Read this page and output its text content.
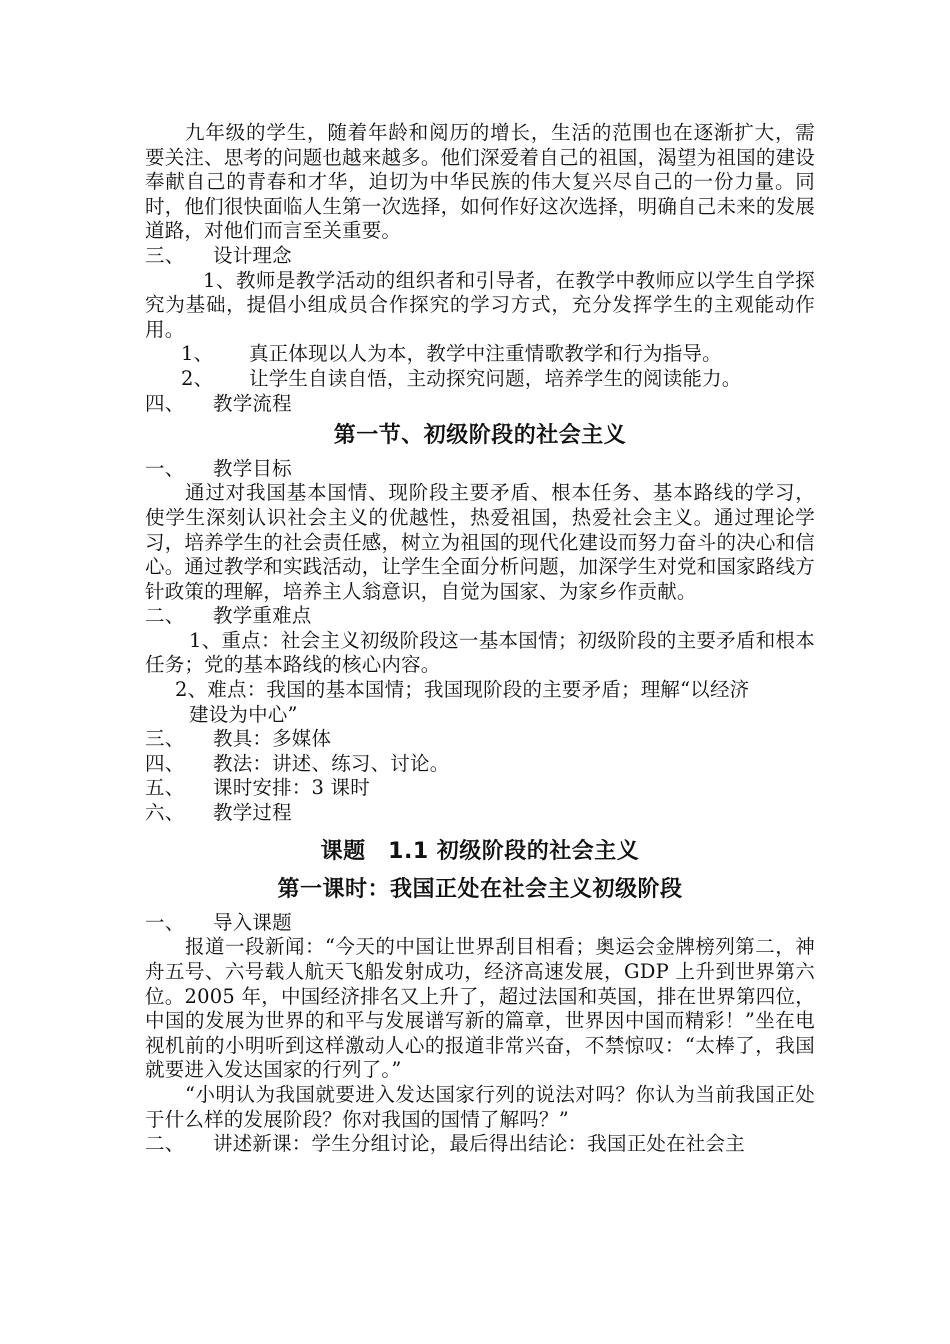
九年级的学生，随着年龄和阅历的增长，生活的范围也在逐渐扩大，需要关注、思考的问题也越来越多。他们深爱着自己的祖国，渴望为祖国的建设奉献自己的青春和才华，迫切为中华民族的伟大复兴尽自己的一份力量。同时，他们很快面临人生第一次选择，如何作好这次选择，明确自己未来的发展道路，对他们而言至关重要。

三、	设计理念

1、教师是教学活动的组织者和引导者，在教学中教师应以学生自学探究为基础，提倡小组成员合作探究的学习方式，充分发挥学生的主观能动作用。

1、	真正体现以人为本，教学中注重情歌教学和行为指导。
2、	让学生自读自悟，主动探究问题，培养学生的阅读能力。
四、	教学流程
第一节、初级阶段的社会主义
一、	教学目标

通过对我国基本国情、现阶段主要矛盾、根本任务、基本路线的学习，使学生深刻认识社会主义的优越性，热爱祖国，热爱社会主义。通过理论学习，培养学生的社会责任感，树立为祖国的现代化建设而努力奋斗的决心和信心。通过教学和实践活动，让学生全面分析问题，加深学生对党和国家路线方针政策的理解，培养主人翁意识，自觉为国家、为家乡作贡献。

二、	教学重难点

1、重点：社会主义初级阶段这一基本国情；初级阶段的主要矛盾和根本任务；党的基本路线的核心内容。

2、难点：我国的基本国情；我国现阶段的主要矛盾；理解“以经济

建设为中心”

三、	教具：多媒体
四、	教法：讲述、练习、讨论。
五、	课时安排：3 课时
六、	教学过程
课题　1.1 初级阶段的社会主义
第一课时：我国正处在社会主义初级阶段
一、	导入课题

报道一段新闻：“今天的中国让世界刮目相看；奥运会金牌榜列第二，神舟五号、六号载人航天飞船发射成功，经济高速发展，GDP 上升到世界第六位。2005 年，中国经济排名又上升了，超过法国和英国，排在世界第四位，中国的发展为世界的和平与发展谱写新的篇章，世界因中国而精彩！”坐在电视机前的小明听到这样激动人心的报道非常兴奋，不禁惊叹：“太棒了，我国就要进入发达国家的行列了。”

“小明认为我国就要进入发达国家行列的说法对吗？你认为当前我国正处于什么样的发展阶段？你对我国的国情了解吗？”

二、	讲述新课：学生分组讨论，最后得出结论：我国正处在社会主
